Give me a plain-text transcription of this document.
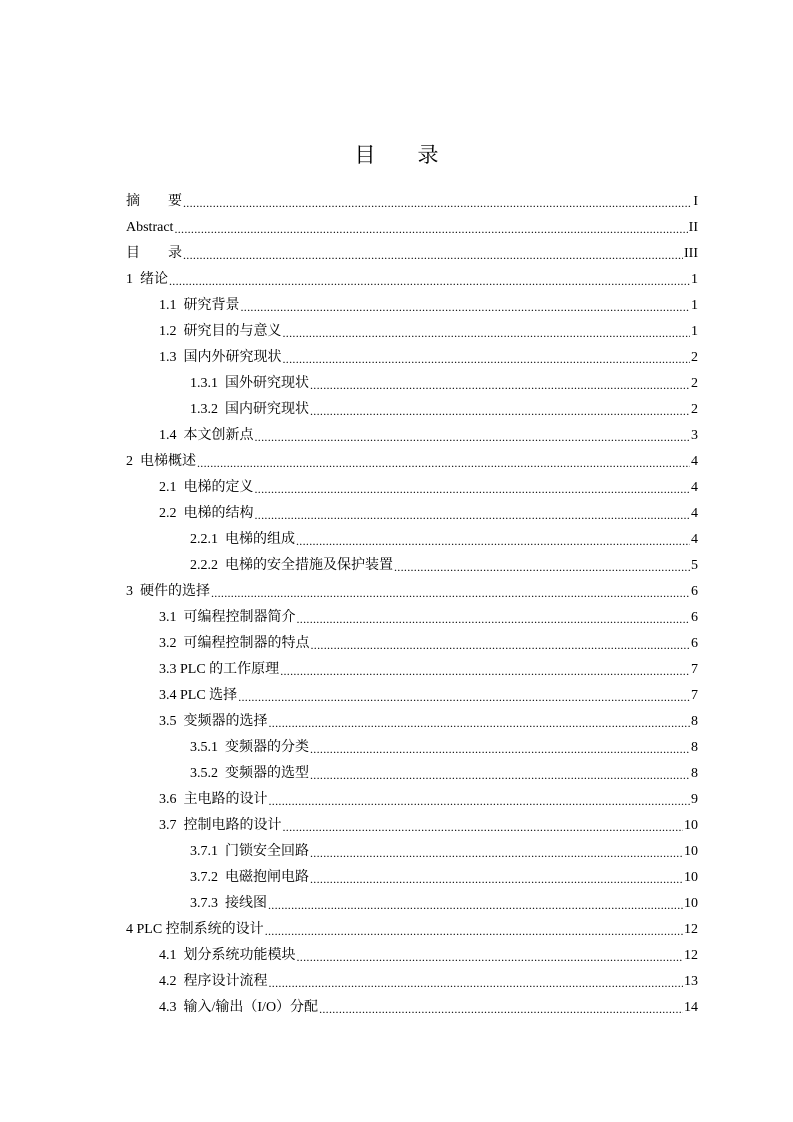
目　　录
摘　　要 .....	I
Abstract .....	II
目　　录 .....	III
1  绪论 .....	1
1.1  研究背景 .....	1
1.2  研究目的与意义 .....	1
1.3  国内外研究现状 .....	2
1.3.1  国外研究现状 .....	2
1.3.2  国内研究现状 .....	2
1.4  本文创新点 .....	3
2  电梯概述 .....	4
2.1  电梯的定义 .....	4
2.2  电梯的结构 .....	4
2.2.1  电梯的组成 .....	4
2.2.2  电梯的安全措施及保护装置 .....	5
3  硬件的选择 .....	6
3.1  可编程控制器简介 .....	6
3.2  可编程控制器的特点 .....	6
3.3 PLC 的工作原理 .....	7
3.4 PLC 选择 .....	7
3.5  变频器的选择 .....	8
3.5.1  变频器的分类 .....	8
3.5.2  变频器的选型 .....	8
3.6  主电路的设计 .....	9
3.7  控制电路的设计 .....	10
3.7.1  门锁安全回路 .....	10
3.7.2  电磁抱闸电路 .....	10
3.7.3  接线图 .....	10
4 PLC 控制系统的设计 .....	12
4.1  划分系统功能模块 .....	12
4.2  程序设计流程 .....	13
4.3  输入/输出（I/O）分配 .....	14
